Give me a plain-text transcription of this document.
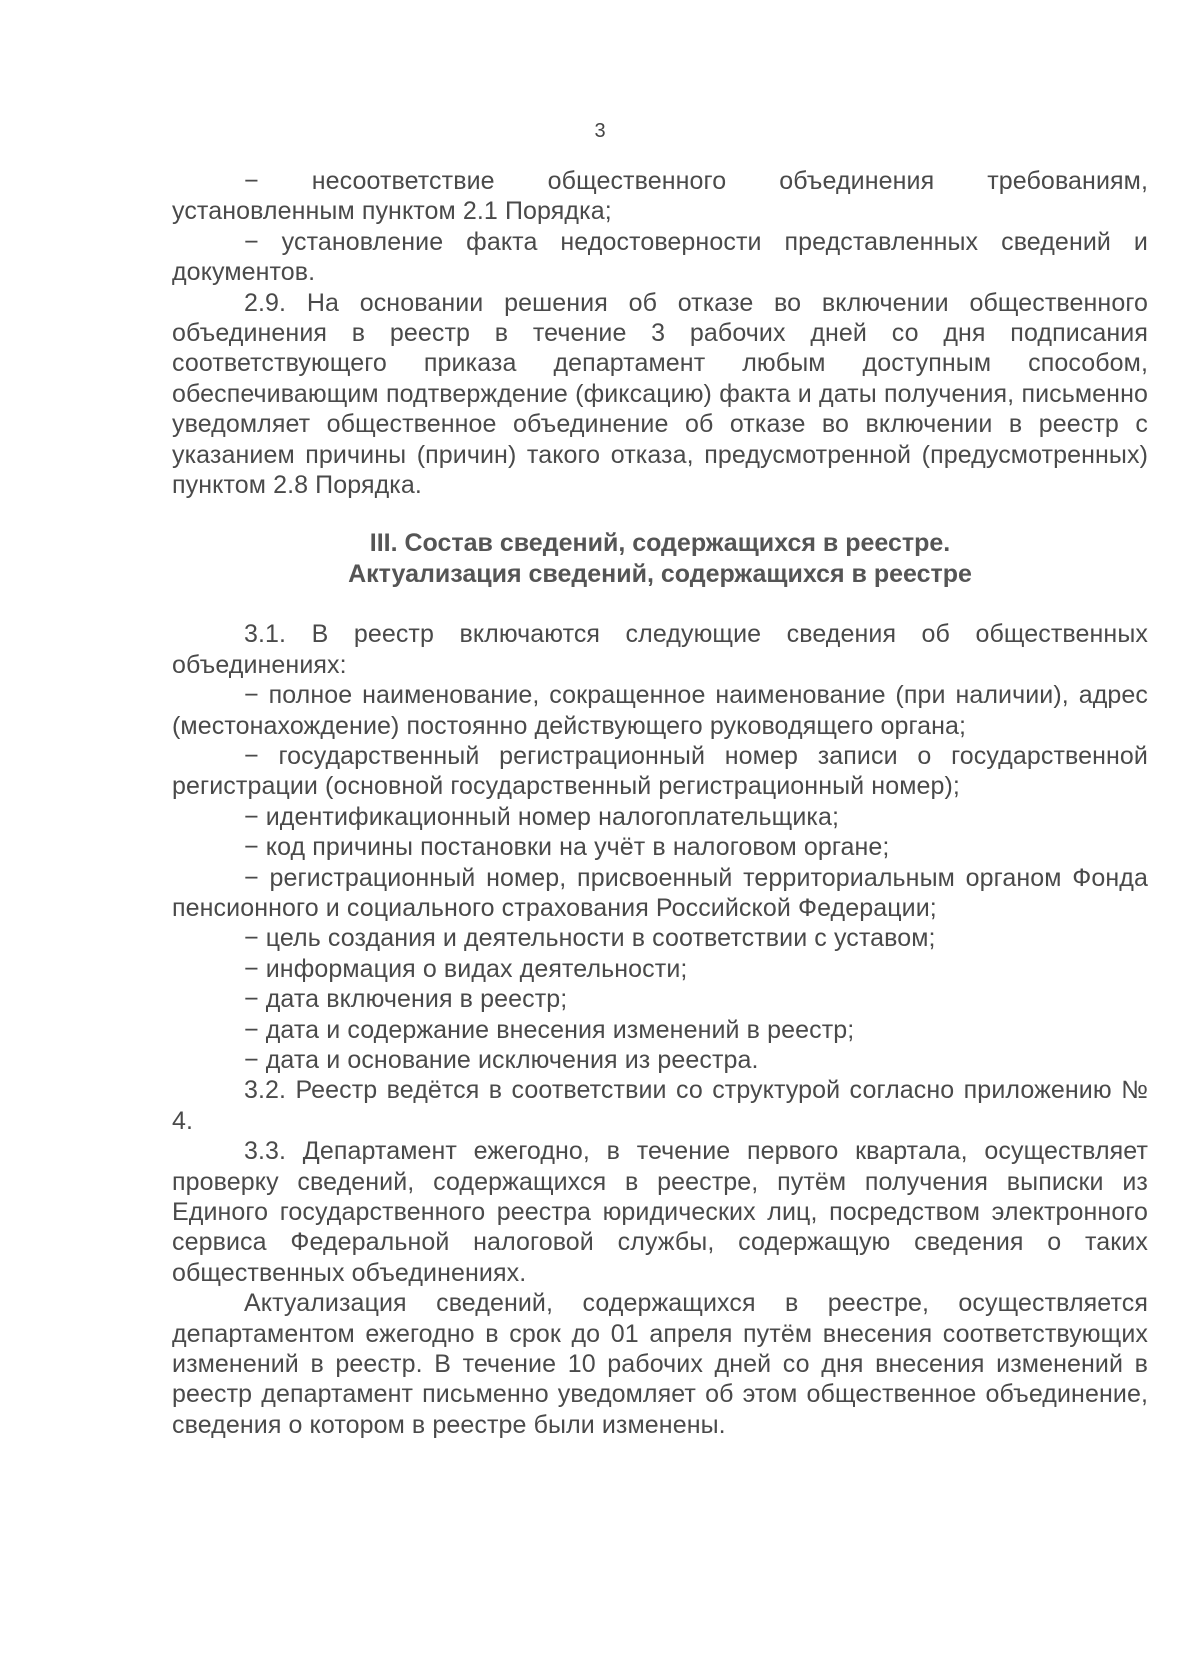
3

− несоответствие общественного объединения требованиям, установленным пунктом 2.1 Порядка;

− установление факта недостоверности представленных сведений и документов.

2.9. На основании решения об отказе во включении общественного объединения в реестр в течение 3 рабочих дней со дня подписания соответствующего приказа департамент любым доступным способом, обеспечивающим подтверждение (фиксацию) факта и даты получения, письменно уведомляет общественное объединение об отказе во включении в реестр с указанием причины (причин) такого отказа, предусмотренной (предусмотренных) пунктом 2.8 Порядка.

III. Состав сведений, содержащихся в реестре.

Актуализация сведений, содержащихся в реестре

3.1. В реестр включаются следующие сведения об общественных объединениях:

− полное наименование, сокращенное наименование (при наличии), адрес (местонахождение) постоянно действующего руководящего органа;

− государственный регистрационный номер записи о государственной регистрации (основной государственный регистрационный номер);

− идентификационный номер налогоплательщика;

− код причины постановки на учёт в налоговом органе;

− регистрационный номер, присвоенный территориальным органом Фонда пенсионного и социального страхования Российской Федерации;

− цель создания и деятельности в соответствии с уставом;

− информация о видах деятельности;

− дата включения в реестр;

− дата и содержание внесения изменений в реестр;

− дата и основание исключения из реестра.

3.2. Реестр ведётся в соответствии со структурой согласно приложению № 4.

3.3. Департамент ежегодно, в течение первого квартала, осуществляет проверку сведений, содержащихся в реестре, путём получения выписки из Единого государственного реестра юридических лиц, посредством электронного сервиса Федеральной налоговой службы, содержащую сведения о таких общественных объединениях.

Актуализация сведений, содержащихся в реестре, осуществляется департаментом ежегодно в срок до 01 апреля путём внесения соответствующих изменений в реестр. В течение 10 рабочих дней со дня внесения изменений в реестр департамент письменно уведомляет об этом общественное объединение, сведения о котором в реестре были изменены.
